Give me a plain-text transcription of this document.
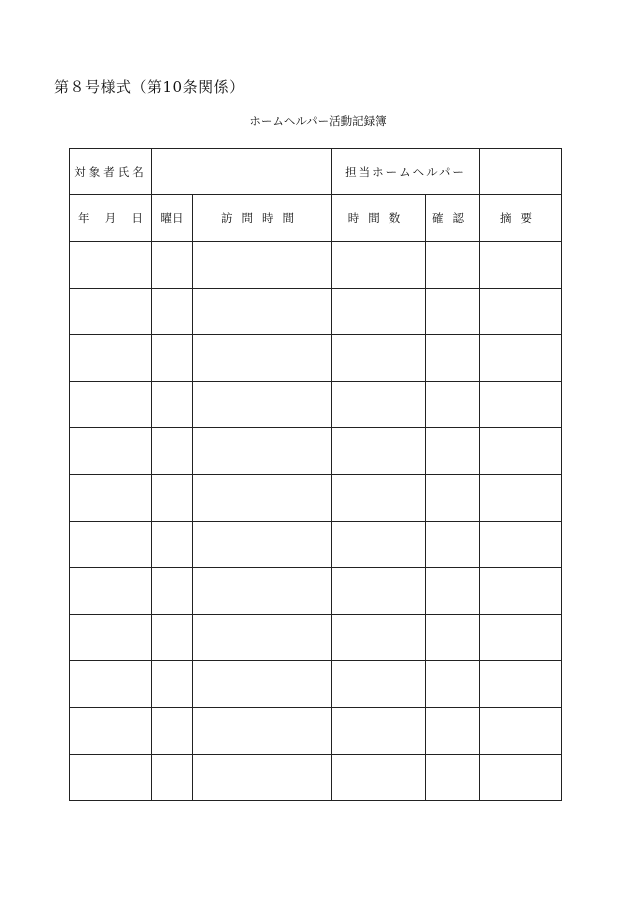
第８号様式（第10条関係）
ホームヘルパー活動記録簿
対象者氏名			担当ホームヘルパー		

年 月 日	曜日	訪問時間	時間数	確認	摘要
